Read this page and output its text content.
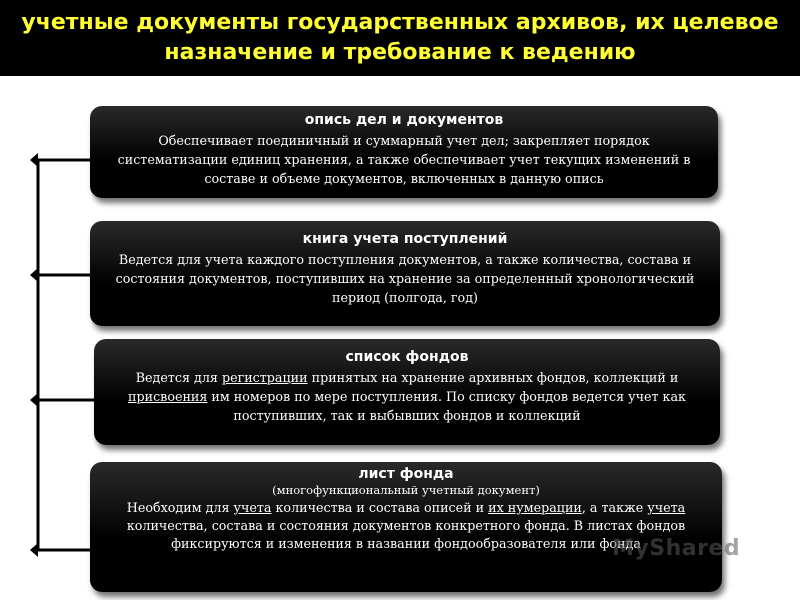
учетные документы государственных архивов, их целевое назначение и требование к ведению
опись дел и документов
Обеспечивает поединичный и суммарный учет дел; закрепляет порядок систематизации единиц хранения, а также обеспечивает учет текущих изменений в составе и объеме документов, включенных в данную опись
книга учета поступлений
Ведется для учета каждого поступления документов, а также количества, состава и состояния документов, поступивших на хранение за определенный хронологический период (полгода, год)
список фондов
Ведется для регистрации принятых на хранение архивных фондов, коллекций и присвоения им номеров по мере поступления. По списку фондов ведется учет как поступивших, так и выбывших фондов и коллекций
лист фонда
(многофункциональный учетный документ)
Необходим для учета количества и состава описей и их нумерации, а также учета количества, состава и состояния документов конкретного фонда. В листах фондов фиксируются и изменения в названии фондообразователя или фонда
MyShared
